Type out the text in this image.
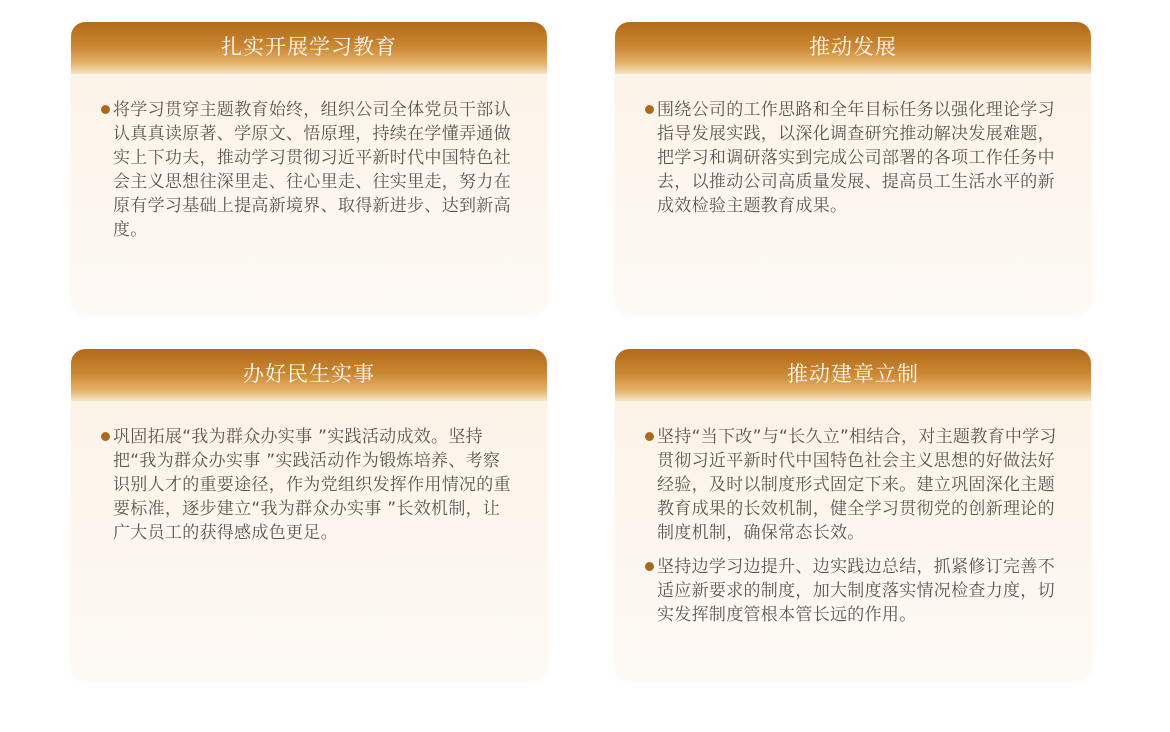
扎实开展学习教育
将学习贯穿主题教育始终，组织公司全体党员干部认认真真读原著、学原文、悟原理，持续在学懂弄通做实上下功夫，推动学习贯彻习近平新时代中国特色社会主义思想往深里走、往心里走、往实里走，努力在原有学习基础上提高新境界、取得新进步、达到新高度。
推动发展
围绕公司的工作思路和全年目标任务以强化理论学习指导发展实践，以深化调查研究推动解决发展难题，把学习和调研落实到完成公司部署的各项工作任务中去，以推动公司高质量发展、提高员工生活水平的新成效检验主题教育成果。
办好民生实事
巩固拓展“我为群众办实事 ”实践活动成效。坚持把“我为群众办实事 ”实践活动作为锻炼培养、考察识别人才的重要途径，作为党组织发挥作用情况的重要标准，逐步建立“我为群众办实事 ”长效机制，让广大员工的获得感成色更足。
推动建章立制
坚持“当下改”与“长久立”相结合，对主题教育中学习贯彻习近平新时代中国特色社会主义思想的好做法好经验，及时以制度形式固定下来。建立巩固深化主题教育成果的长效机制，健全学习贯彻党的创新理论的制度机制，确保常态长效。
坚持边学习边提升、边实践边总结，抓紧修订完善不适应新要求的制度，加大制度落实情况检查力度，切实发挥制度管根本管长远的作用。
